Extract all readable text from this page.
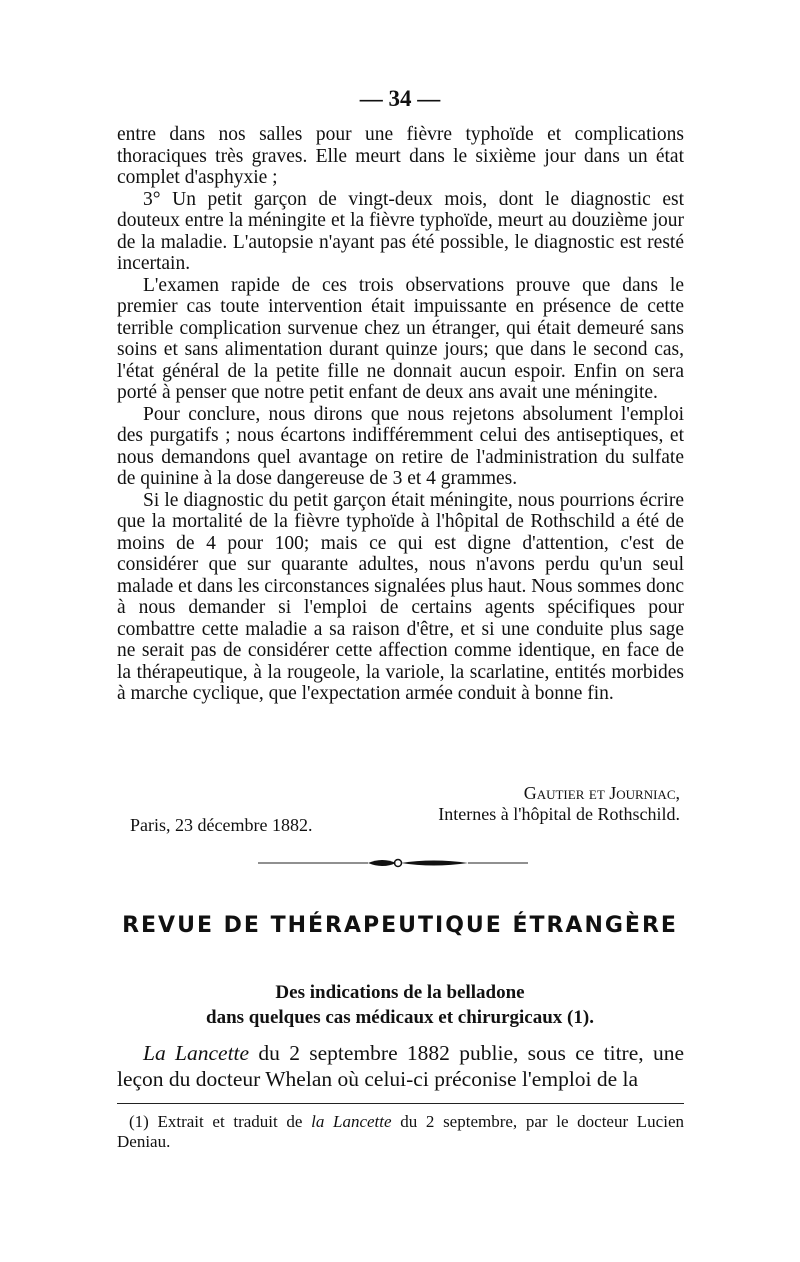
— 34 —

entre dans nos salles pour une fièvre typhoïde et complications thoraciques très graves. Elle meurt dans le sixième jour dans un état complet d'asphyxie ;

3° Un petit garçon de vingt-deux mois, dont le diagnostic est douteux entre la méningite et la fièvre typhoïde, meurt au douzième jour de la maladie. L'autopsie n'ayant pas été possible, le diagnostic est resté incertain.

L'examen rapide de ces trois observations prouve que dans le premier cas toute intervention était impuissante en présence de cette terrible complication survenue chez un étranger, qui était demeuré sans soins et sans alimentation durant quinze jours; que dans le second cas, l'état général de la petite fille ne donnait aucun espoir. Enfin on sera porté à penser que notre petit enfant de deux ans avait une méningite.

Pour conclure, nous dirons que nous rejetons absolument l'emploi des purgatifs ; nous écartons indifféremment celui des antiseptiques, et nous demandons quel avantage on retire de l'administration du sulfate de quinine à la dose dangereuse de 3 et 4 grammes.

Si le diagnostic du petit garçon était méningite, nous pourrions écrire que la mortalité de la fièvre typhoïde à l'hôpital de Rothschild a été de moins de 4 pour 100; mais ce qui est digne d'attention, c'est de considérer que sur quarante adultes, nous n'avons perdu qu'un seul malade et dans les circonstances signalées plus haut. Nous sommes donc à nous demander si l'emploi de certains agents spécifiques pour combattre cette maladie a sa raison d'être, et si une conduite plus sage ne serait pas de considérer cette affection comme identique, en face de la thérapeutique, à la rougeole, la variole, la scarlatine, entités morbides à marche cyclique, que l'expectation armée conduit à bonne fin.

Gautier et Journiac,
Internes à l'hôpital de Rothschild.
Paris, 23 décembre 1882.
REVUE DE THÉRAPEUTIQUE ÉTRANGÈRE
Des indications de la belladone
dans quelques cas médicaux et chirurgicaux (1).

La Lancette du 2 septembre 1882 publie, sous ce titre, une leçon du docteur Whelan où celui-ci préconise l'emploi de la

(1) Extrait et traduit de la Lancette du 2 septembre, par le docteur Lucien Deniau.
